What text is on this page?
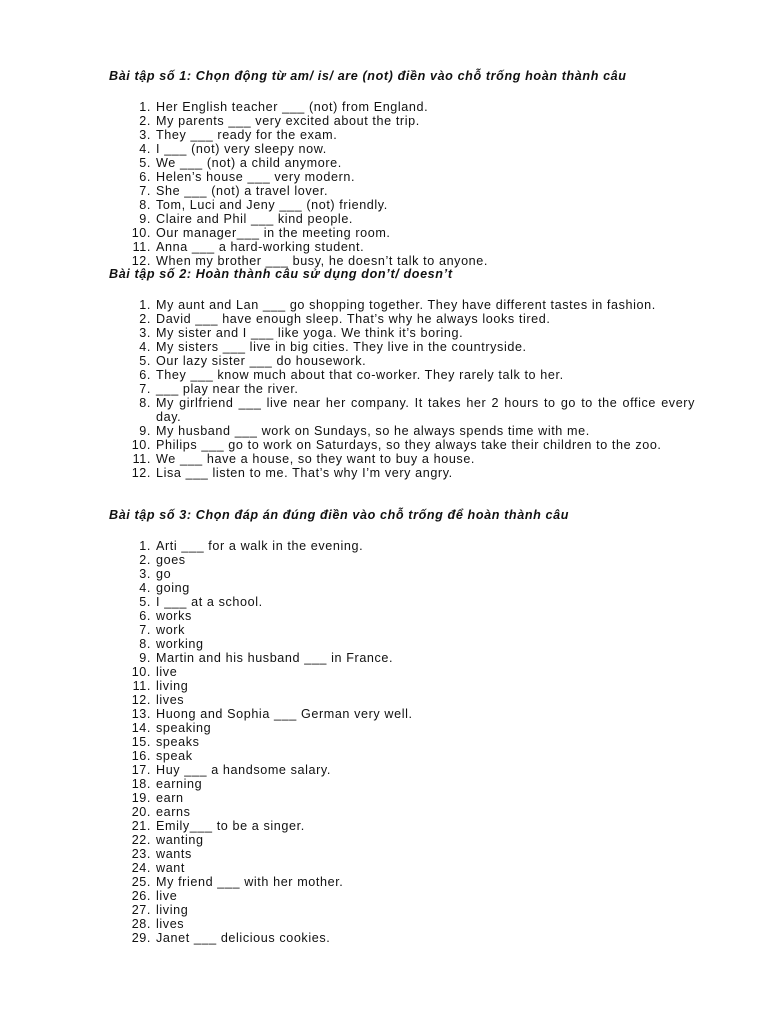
Bài tập số 1: Chọn động từ am/ is/ are (not) điền vào chỗ trống hoàn thành câu
1. Her English teacher ___ (not) from England.
2. My parents ___ very excited about the trip.
3. They ___ ready for the exam.
4. I ___ (not) very sleepy now.
5. We ___ (not) a child anymore.
6. Helen’s house ___ very modern.
7. She ___ (not) a travel lover.
8. Tom, Luci and Jeny ___ (not) friendly.
9. Claire and Phil ___ kind people.
10. Our manager___ in the meeting room.
11. Anna ___ a hard-working student.
12. When my brother ___ busy, he doesn’t talk to anyone.
Bài tập số 2: Hoàn thành câu sử dụng don’t/ doesn’t
1. My aunt and Lan ___ go shopping together. They have different tastes in fashion.
2. David ___ have enough sleep. That’s why he always looks tired.
3. My sister and I ___ like yoga. We think it’s boring.
4. My sisters ___ live in big cities. They live in the countryside.
5. Our lazy sister ___ do housework.
6. They ___ know much about that co-worker. They rarely talk to her.
7. ___ play near the river.
8. My girlfriend ___ live near her company. It takes her 2 hours to go to the office every day.
9. My husband ___ work on Sundays, so he always spends time with me.
10. Philips ___ go to work on Saturdays, so they always take their children to the zoo.
11. We ___ have a house, so they want to buy a house.
12. Lisa ___ listen to me. That’s why I’m very angry.
Bài tập số 3: Chọn đáp án đúng điền vào chỗ trống để hoàn thành câu
1. Arti ___ for a walk in the evening.
2. goes
3. go
4. going
5. I ___ at a school.
6. works
7. work
8. working
9. Martin and his husband ___ in France.
10. live
11. living
12. lives
13. Huong and Sophia ___ German very well.
14. speaking
15. speaks
16. speak
17. Huy ___ a handsome salary.
18. earning
19. earn
20. earns
21. Emily___ to be a singer.
22. wanting
23. wants
24. want
25. My friend ___ with her mother.
26. live
27. living
28. lives
29. Janet ___ delicious cookies.
